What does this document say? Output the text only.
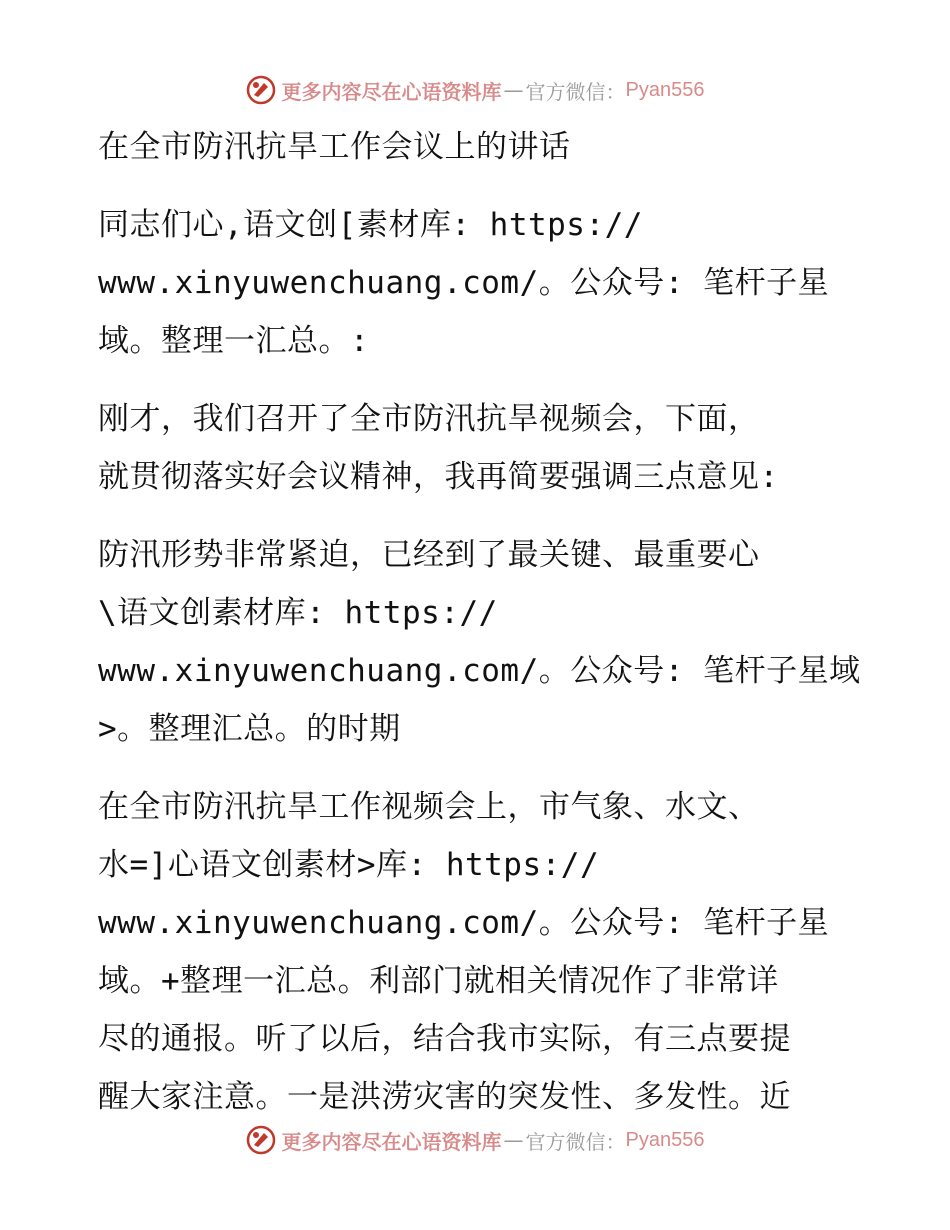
更多内容尽在心语资料库 — 官方微信： Pyan556

在全市防汛抗旱工作会议上的讲话

同志们心,语文创[素材库: https://
www.xinyuwenchuang.com/。公众号: 笔杆子星
域。整理一汇总。:

刚才，我们召开了全市防汛抗旱视频会，下面，
就贯彻落实好会议精神，我再简要强调三点意见:

防汛形势非常紧迫，已经到了最关键、最重要心
\语文创素材库: https://
www.xinyuwenchuang.com/。公众号: 笔杆子星域
>。整理汇总。的时期

在全市防汛抗旱工作视频会上，市气象、水文、
水=]心语文创素材>库: https://
www.xinyuwenchuang.com/。公众号: 笔杆子星
域。+整理一汇总。利部门就相关情况作了非常详
尽的通报。听了以后，结合我市实际，有三点要提
醒大家注意。一是洪涝灾害的突发性、多发性。近

更多内容尽在心语资料库 — 官方微信： Pyan556
